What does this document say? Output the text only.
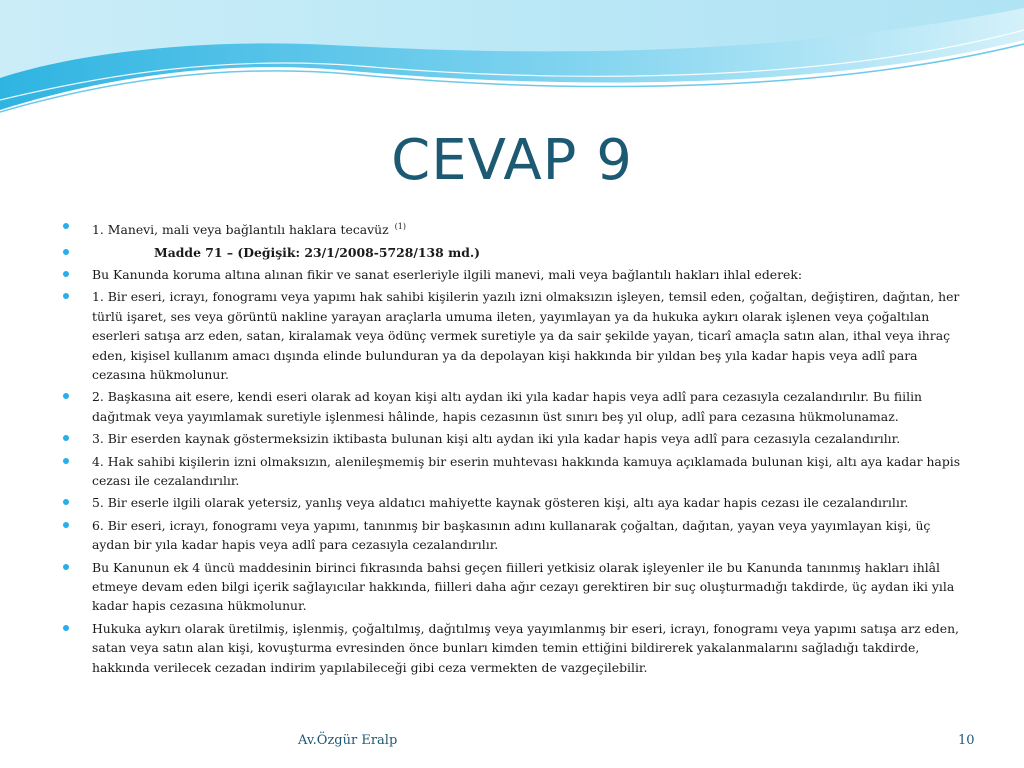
CEVAP 9
1. Manevi, mali veya bağlantılı haklara tecavüz $^{(1)}$
Madde 71 – (Değişik: 23/1/2008-5728/138 md.)
Bu Kanunda koruma altına alınan fikir ve sanat eserleriyle ilgili manevi, mali veya bağlantılı hakları ihlal ederek:
1. Bir eseri, icrayı, fonogramı veya yapımı hak sahibi kişilerin yazılı izni olmaksızın işleyen, temsil eden, çoğaltan, değiştiren, dağıtan, her türlü işaret, ses veya görüntü nakline yarayan araçlarla umuma ileten, yayımlayan ya da hukuka aykırı olarak işlenen veya çoğaltılan eserleri satışa arz eden, satan, kiralamak veya ödünç vermek suretiyle ya da sair şekilde yayan, ticarî amaçla satın alan, ithal veya ihraç eden, kişisel kullanım amacı dışında elinde bulunduran ya da depolayan kişi hakkında bir yıldan beş yıla kadar hapis veya adlî para cezasına hükmolunur.
2. Başkasına ait esere, kendi eseri olarak ad koyan kişi altı aydan iki yıla kadar hapis veya adlî para cezasıyla cezalandırılır. Bu fiilin dağıtmak veya yayımlamak suretiyle işlenmesi hâlinde, hapis cezasının üst sınırı beş yıl olup, adlî para cezasına hükmolunamaz.
3. Bir eserden kaynak göstermeksizin iktibasta bulunan kişi altı aydan iki yıla kadar hapis veya adlî para cezasıyla cezalandırılır.
4. Hak sahibi kişilerin izni olmaksızın, alenileşmemiş bir eserin muhtevası hakkında kamuya açıklamada bulunan kişi, altı aya kadar hapis cezası ile cezalandırılır.
5. Bir eserle ilgili olarak yetersiz, yanlış veya aldatıcı mahiyette kaynak gösteren kişi, altı aya kadar hapis cezası ile cezalandırılır.
6. Bir eseri, icrayı, fonogramı veya yapımı, tanınmış bir başkasının adını kullanarak çoğaltan, dağıtan, yayan veya yayımlayan kişi, üç aydan bir yıla kadar hapis veya adlî para cezasıyla cezalandırılır.
Bu Kanunun ek 4 üncü maddesinin birinci fıkrasında bahsi geçen fiilleri yetkisiz olarak işleyenler ile bu Kanunda tanınmış hakları ihlâl etmeye devam eden bilgi içerik sağlayıcılar hakkında, fiilleri daha ağır cezayı gerektiren bir suç oluşturmadığı takdirde, üç aydan iki yıla kadar hapis cezasına hükmolunur.
Hukuka aykırı olarak üretilmiş, işlenmiş, çoğaltılmış, dağıtılmış veya yayımlanmış bir eseri, icrayı, fonogramı veya yapımı satışa arz eden, satan veya satın alan kişi, kovuşturma evresinden önce bunları kimden temin ettiğini bildirerek yakalanmalarını sağladığı takdirde, hakkında verilecek cezadan indirim yapılabileceği gibi ceza vermekten de vazgeçilebilir.
Av.Özgür Eralp	10
